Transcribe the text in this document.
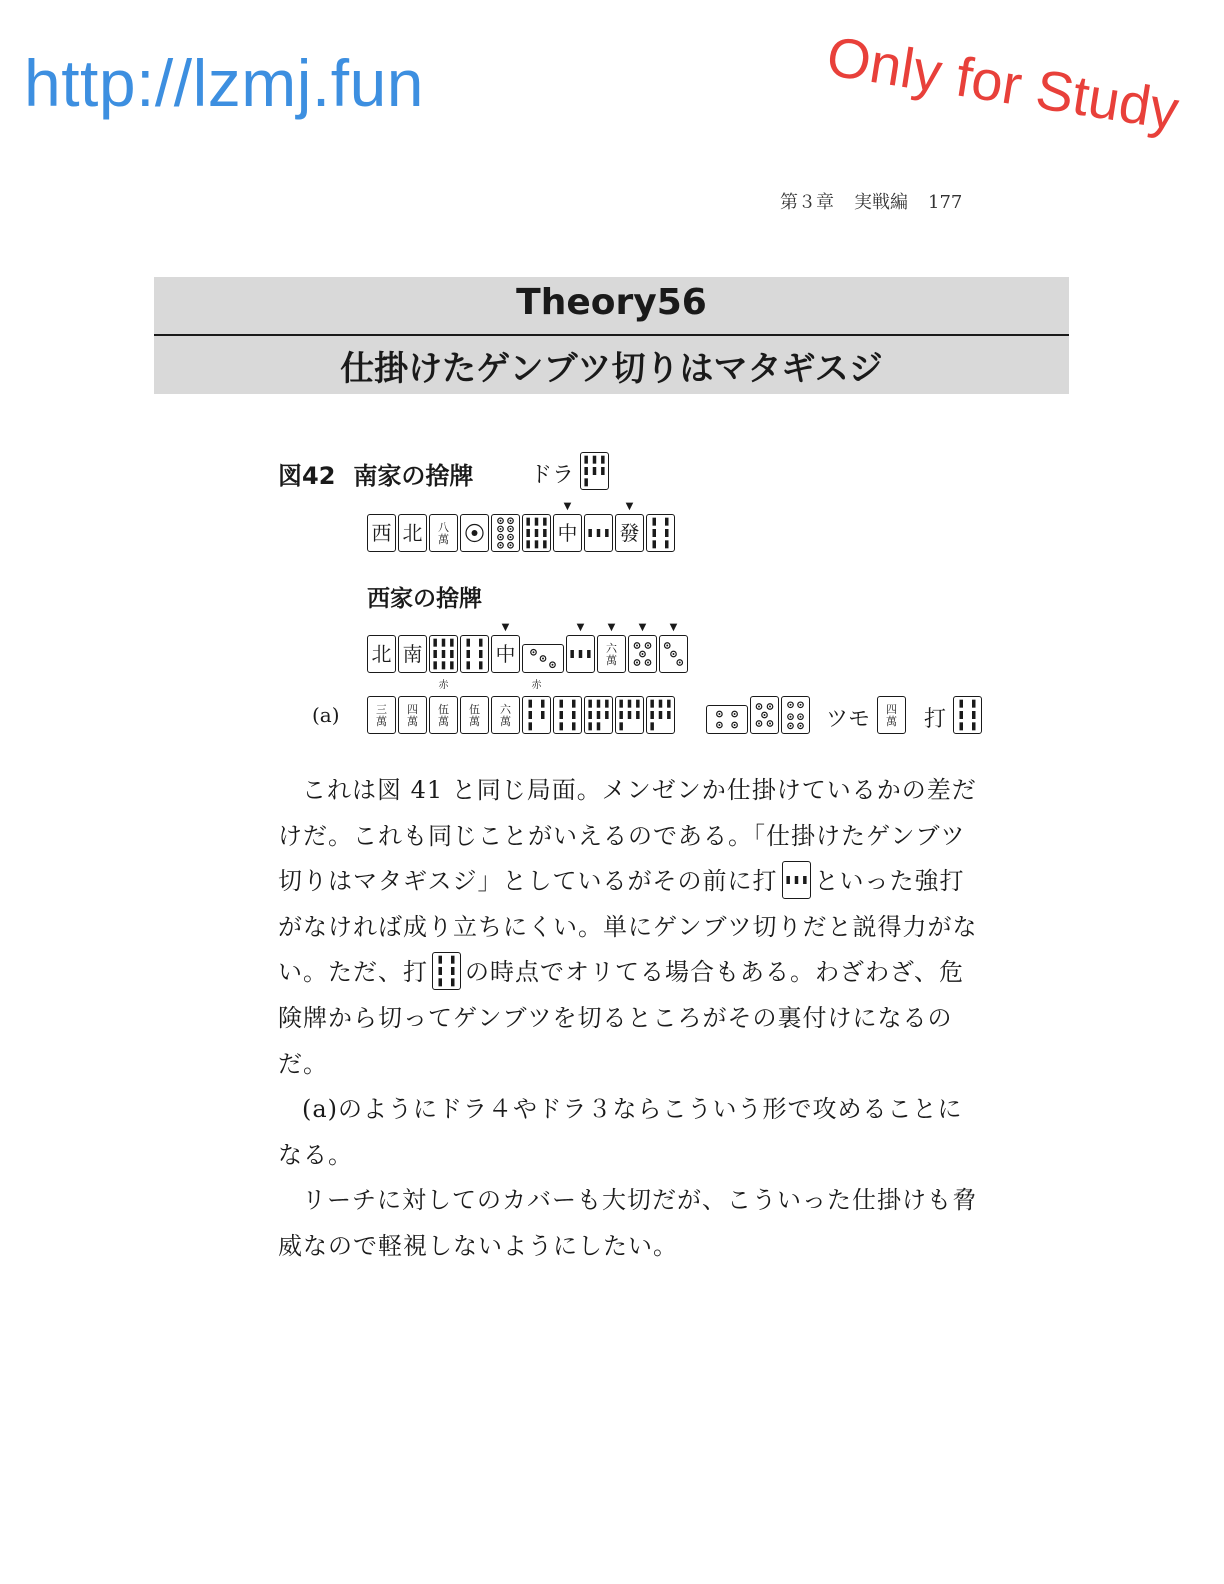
http://lzmj.fun	Only for Study
第３章 実戦編 177
Theory56
仕掛けたゲンブツ切りはマタギスジ
図42 南家の捨牌	ドラ
西 北 八
萬	中
▼
發
▼
西家の捨牌
北 南	中
▼	▼
六
萬
▼ ▼ ▼
(a)	三
萬
四
萬
伍
萬
赤
伍
萬
六
萬
赤
ツモ 四
萬 打

これは図 41 と同じ局面。メンゼンか仕掛けているかの差だけだ。これも同じことがいえるのである。「仕掛けたゲンブツ切りはマタギスジ」としているがその前に打 といった強打がなければ成り立ちにくい。単にゲンブツ切りだと説得力がない。ただ、打 の時点でオリてる場合もある。わざわざ、危険牌から切ってゲンブツを切るところがその裏付けになるのだ。

(a)のようにドラ４やドラ３ならこういう形で攻めることになる。

リーチに対してのカバーも大切だが、こういった仕掛けも脅威なので軽視しないようにしたい。
